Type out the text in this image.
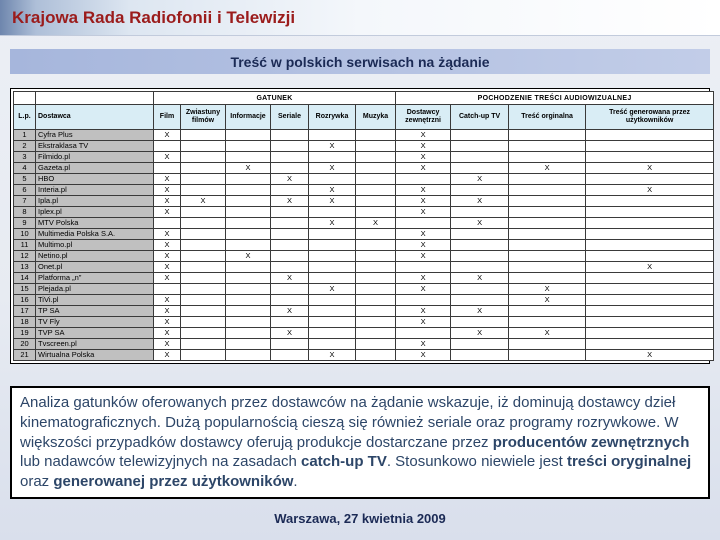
Krajowa Rada Radiofonii i Telewizji
Treść w polskich serwisach na żądanie
		GATUNEK						POCHODZENIE TREŚCI AUDIOWIZUALNEJ			
L.p.	Dostawca	Film	Zwiastuny filmów	Informacje	Seriale	Rozrywka	Muzyka	Dostawcy zewnętrzni	Catch-up TV	Treść orginalna	Treść generowana przez użytkowników
1	Cyfra Plus	X						X			
2	Ekstraklasa TV					X		X			
3	Filmido.pl	X						X			
4	Gazeta.pl			X		X		X		X	X
5	HBO	X			X				X		
6	Interia.pl	X				X		X			X
7	Ipla.pl	X	X		X	X		X	X		
8	Iplex.pl	X						X			
9	MTV Polska					X	X		X		
10	Multimedia Polska S.A.	X						X			
11	Multimo.pl	X						X			
12	Netino.pl	X		X				X			
13	Onet.pl	X									X
14	Platforma „n”	X			X			X	X		
15	Plejada.pl					X		X		X	
16	TiVi.pl	X								X	
17	TP SA	X			X			X	X		
18	TV Fly	X						X			
19	TVP SA	X			X				X	X	
20	Tvscreen.pl	X						X			
21	Wirtualna Polska	X				X		X			X
Analiza gatunków oferowanych przez dostawców na żądanie wskazuje, iż dominują dostawcy dzieł kinematograficznych. Dużą popularnością cieszą się również seriale oraz programy rozrywkowe. W większości przypadków dostawcy oferują produkcje dostarczane przez producentów zewnętrznych lub nadawców telewizyjnych na zasadach catch-up TV. Stosunkowo niewiele jest treści oryginalnej oraz generowanej przez użytkowników.
Warszawa, 27 kwietnia 2009
